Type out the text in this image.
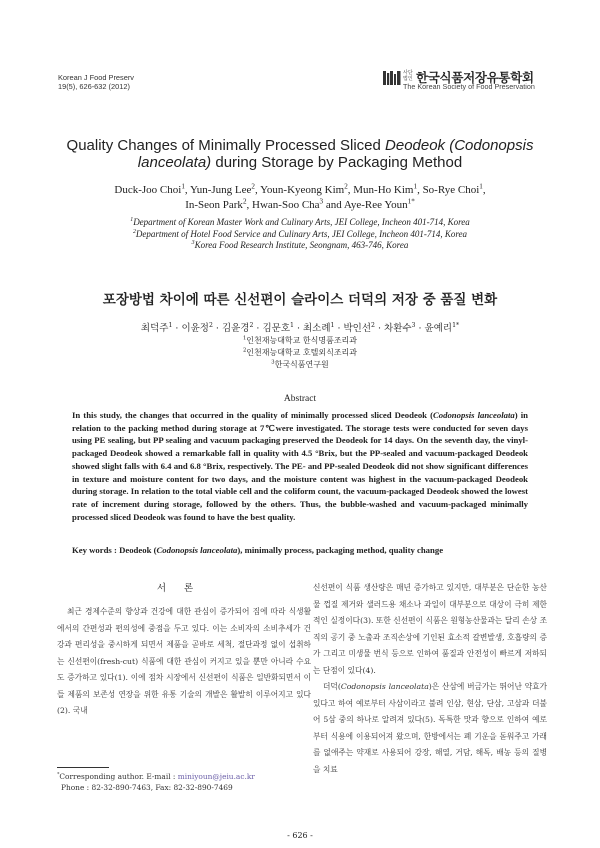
Korean J Food Preserv
19(5), 626-632 (2012)
사단법인 한국식품저장유통학회
The Korean Society of Food Preservation
Quality Changes of Minimally Processed Sliced Deodeok (Codonopsis
lanceolata) during Storage by Packaging Method
Duck-Joo Choi$^1$, Yun-Jung Lee$^2$, Youn-Kyeong Kim$^2$, Mun-Ho Kim$^1$, So-Rye Choi$^1$,
In-Seon Park$^2$, Hwan-Soo Cha$^3$ and Aye-Ree Youn$^{1*}$
$^1$Department of Korean Master Work and Culinary Arts, JEI College, Incheon 401-714, Korea
$^2$Department of Hotel Food Service and Culinary Arts, JEI College, Incheon 401-714, Korea
$^3$Korea Food Research Institute, Seongnam, 463-746, Korea
포장방법 차이에 따른 신선편이 슬라이스 더덕의 저장 중 품질 변화
최덕주$^1$ · 이윤정$^2$ · 김윤경$^2$ · 김문호$^1$ · 최소례$^1$ · 박인선$^2$ · 차환수$^3$ · 윤예리$^{1*}$
$^1$인천재능대학교 한식명품조리과
$^2$인천재능대학교 호텔외식조리과
$^3$한국식품연구원
Abstract
In this study, the changes that occurred in the quality of minimally processed sliced Deodeok (Codonopsis lanceolata) in relation to the packing method during storage at 7℃were investigated. The storage tests were conducted for seven days using PE sealing, but PP sealing and vacuum packaging preserved the Deodeok for 14 days. On the seventh day, the vinyl-packaged Deodeok showed a remarkable fall in quality with 4.5 °Brix, but the PP-sealed and vacuum-packaged Deodeok showed slight falls with 6.4 and 6.8 °Brix, respectively. The PE- and PP-sealed Deodeok did not show significant differences in texture and moisture content for two days, and the moisture content was highest in the vacuum-packaged Deodeok during storage. In relation to the total viable cell and the coliform count, the vacuum-packaged Deodeok showed the lowest rate of increment during storage, followed by the others. Thus, the bubble-washed and vacuum-packaged minimally processed sliced Deodeok was found to have the best quality.
Key words : Deodeok (Codonopsis lanceolata), minimally process, packaging method, quality change
서론

최근 경제수준의 향상과 건강에 대한 관심이 증가되어 짐에 따라 식생활에서의 간편성과 편의성에 중점을 두고 있다. 이는 소비자의 소비추세가 건강과 편리성을 중시하게 되면서 제품을 곧바로 세척, 절단과정 없이 섭취하는 신선편이(fresh-cut) 식품에 대한 관심이 커지고 있을 뿐만 아니라 수요도 증가하고 있다(1). 이에 점차 시장에서 신선편이 식품은 일반화되면서 이들 제품의 보존성 연장을 위한 유통 기술의 개발은 활발히 이루어지고 있다(2). 국내

신선편이 식품 생산량은 매년 증가하고 있지만, 대부분은 단순한 농산물 껍질 제거와 샐러드용 채소나 과일이 대부분으로 대상이 극히 제한적인 실정이다(3). 또한 신선편이 식품은 원형농산물과는 달리 손상 조직의 공기 중 노출과 조직손상에 기인된 효소적 갈변발생, 호흡량의 증가 그리고 미생물 번식 등으로 인하여 품질과 안전성이 빠르게 저하되는 단점이 있다(4).

더덕(Codonopsis lanceolata)은 산삼에 버금가는 뛰어난 약효가 있다고 하여 예로부터 사삼이라고 불려 인삼, 현삼, 단삼, 고삼과 더불어 5삼 중의 하나로 알려져 있다(5). 독특한 맛과 향으로 인하여 예로부터 식용에 이용되어져 왔으며, 한방에서는 폐 기운을 돋워주고 가래를 없애주는 약재로 사용되어 강장, 해열, 거담, 해독, 배농 등의 질병을 치료

*Corresponding author. E-mail : miniyoun@jeiu.ac.kr
Phone : 82-32-890-7463, Fax: 82-32-890-7469
- 626 -
